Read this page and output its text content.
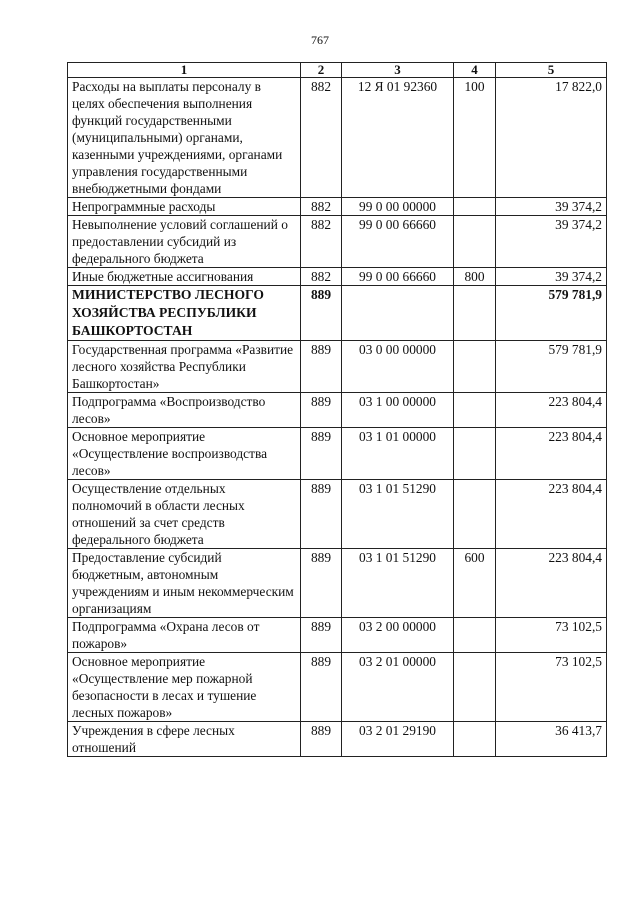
767
1	2	3	4	5
Расходы на выплаты персоналу в целях обеспечения выполнения функций государственными (муниципальными) органами, казенными учреждениями, органами управления государственными внебюджетными фондами	882	12 Я 01 92360	100	17 822,0
Непрограммные расходы	882	99 0 00 00000		39 374,2
Невыполнение условий соглашений о предоставлении субсидий из федерального бюджета	882	99 0 00 66660		39 374,2
Иные бюджетные ассигнования	882	99 0 00 66660	800	39 374,2
МИНИСТЕРСТВО ЛЕСНОГО ХОЗЯЙСТВА РЕСПУБЛИКИ БАШКОРТОСТАН	889			579 781,9
Государственная программа «Развитие лесного хозяйства Республики Башкортостан»	889	03 0 00 00000		579 781,9
Подпрограмма «Воспроизводство лесов»	889	03 1 00 00000		223 804,4
Основное мероприятие «Осуществление воспроизводства лесов»	889	03 1 01 00000		223 804,4
Осуществление отдельных полномочий в области лесных отношений за счет средств федерального бюджета	889	03 1 01 51290		223 804,4
Предоставление субсидий бюджетным, автономным учреждениям и иным некоммерческим организациям	889	03 1 01 51290	600	223 804,4
Подпрограмма «Охрана лесов от пожаров»	889	03 2 00 00000		73 102,5
Основное мероприятие «Осуществление мер пожарной безопасности в лесах и тушение лесных пожаров»	889	03 2 01 00000		73 102,5
Учреждения в сфере лесных отношений	889	03 2 01 29190		36 413,7
